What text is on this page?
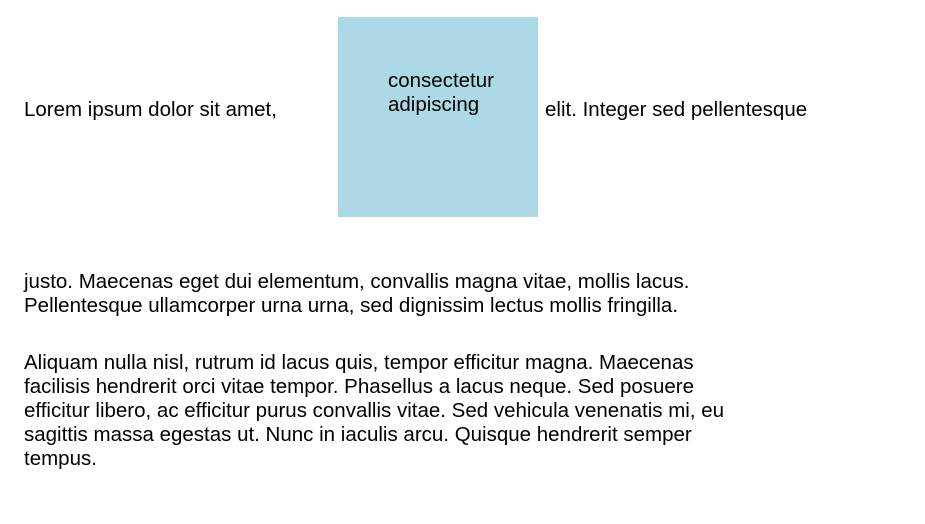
Lorem ipsum dolor sit amet,
consectetur
adipiscing	elit. Integer sed pellentesque

justo. Maecenas eget dui elementum, convallis magna vitae, mollis lacus.
Pellentesque ullamcorper urna urna, sed dignissim lectus mollis fringilla.

Aliquam nulla nisl, rutrum id lacus quis, tempor efficitur magna. Maecenas
facilisis hendrerit orci vitae tempor. Phasellus a lacus neque. Sed posuere
efficitur libero, ac efficitur purus convallis vitae. Sed vehicula venenatis mi, eu
sagittis massa egestas ut. Nunc in iaculis arcu. Quisque hendrerit semper
tempus.
